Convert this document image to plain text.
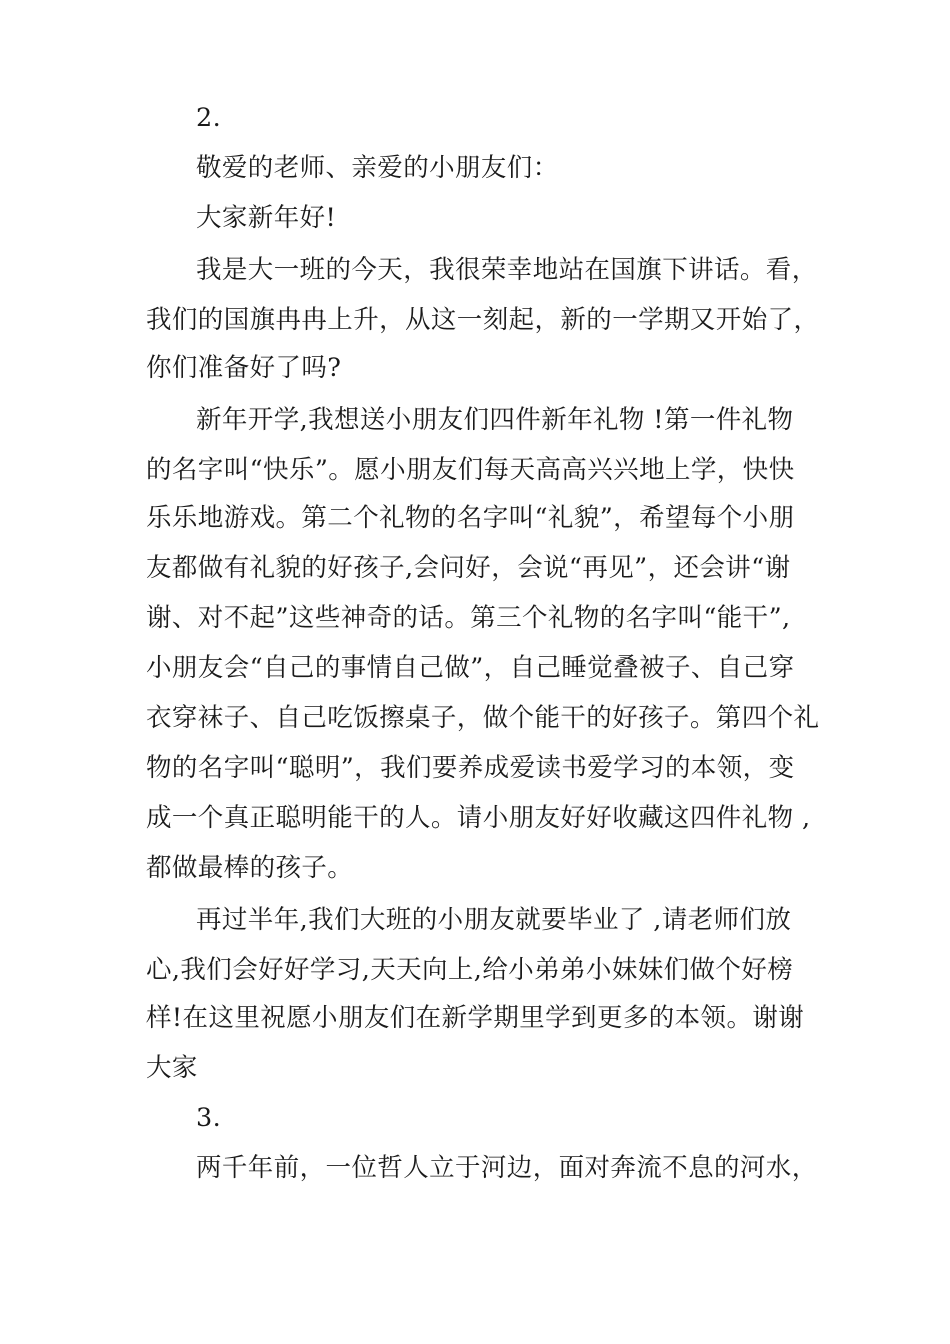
2.
敬爱的老师、亲爱的小朋友们：
大家新年好!
我是大一班的今天，我很荣幸地站在国旗下讲话。看，
我们的国旗冉冉上升，从这一刻起，新的一学期又开始了，
你们准备好了吗?
新年开学,我想送小朋友们四件新年礼物 !第一件礼物
的名字叫“快乐”。愿小朋友们每天高高兴兴地上学，快快
乐乐地游戏。第二个礼物的名字叫“礼貌”，希望每个小朋
友都做有礼貌的好孩子,会问好，会说“再见”，还会讲“谢
谢、对不起”这些神奇的话。第三个礼物的名字叫“能干”,
小朋友会“自己的事情自己做”，自己睡觉叠被子、自己穿
衣穿袜子、自己吃饭擦桌子，做个能干的好孩子。第四个礼
物的名字叫“聪明”，我们要养成爱读书爱学习的本领，变
成一个真正聪明能干的人。请小朋友好好收藏这四件礼物 ,
都做最棒的孩子。
再过半年,我们大班的小朋友就要毕业了 ,请老师们放
心,我们会好好学习,天天向上,给小弟弟小妹妹们做个好榜
样!在这里祝愿小朋友们在新学期里学到更多的本领。谢谢
大家
3.
两千年前，一位哲人立于河边，面对奔流不息的河水，
